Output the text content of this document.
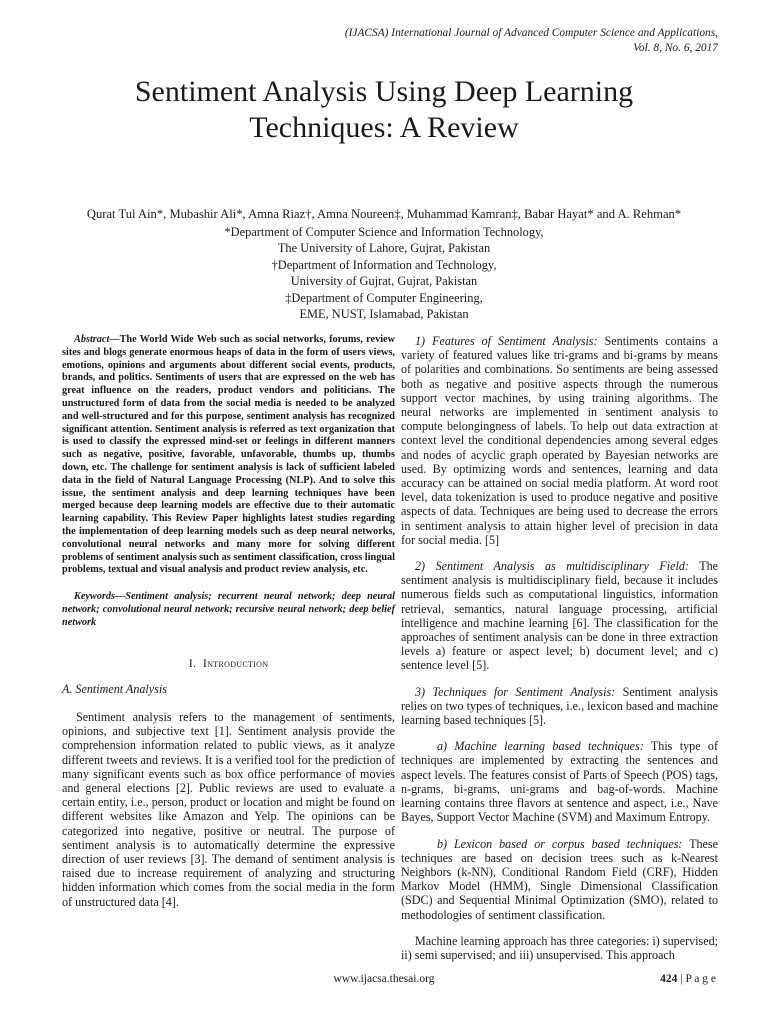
(IJACSA) International Journal of Advanced Computer Science and Applications,
Vol. 8, No. 6, 2017
Sentiment Analysis Using Deep Learning
Techniques: A Review
Qurat Tul Ain*, Mubashir Ali*, Amna Riaz†, Amna Noureen‡, Muhammad Kamran‡, Babar Hayat* and A. Rehman*
*Department of Computer Science and Information Technology,
The University of Lahore, Gujrat, Pakistan
†Department of Information and Technology,
University of Gujrat, Gujrat, Pakistan
‡Department of Computer Engineering,
EME, NUST, Islamabad, Pakistan

Abstract—The World Wide Web such as social networks, forums, review sites and blogs generate enormous heaps of data in the form of users views, emotions, opinions and arguments about different social events, products, brands, and politics. Sentiments of users that are expressed on the web has great influence on the readers, product vendors and politicians. The unstructured form of data from the social media is needed to be analyzed and well-structured and for this purpose, sentiment analysis has recognized significant attention. Sentiment analysis is referred as text organization that is used to classify the expressed mind-set or feelings in different manners such as negative, positive, favorable, unfavorable, thumbs up, thumbs down, etc. The challenge for sentiment analysis is lack of sufficient labeled data in the field of Natural Language Processing (NLP). And to solve this issue, the sentiment analysis and deep learning techniques have been merged because deep learning models are effective due to their automatic learning capability. This Review Paper highlights latest studies regarding the implementation of deep learning models such as deep neural networks, convolutional neural networks and many more for solving different problems of sentiment analysis such as sentiment classification, cross lingual problems, textual and visual analysis and product review analysis, etc.

Keywords—Sentiment analysis; recurrent neural network; deep neural network; convolutional neural network; recursive neural network; deep belief network

I. Introduction
A. Sentiment Analysis

Sentiment analysis refers to the management of sentiments, opinions, and subjective text [1]. Sentiment analysis provide the comprehension information related to public views, as it analyze different tweets and reviews. It is a verified tool for the prediction of many significant events such as box office performance of movies and general elections [2]. Public reviews are used to evaluate a certain entity, i.e., person, product or location and might be found on different websites like Amazon and Yelp. The opinions can be categorized into negative, positive or neutral. The purpose of sentiment analysis is to automatically determine the expressive direction of user reviews [3]. The demand of sentiment analysis is raised due to increase requirement of analyzing and structuring hidden information which comes from the social media in the form of unstructured data [4].

1) Features of Sentiment Analysis: Sentiments contains a variety of featured values like tri-grams and bi-grams by means of polarities and combinations. So sentiments are being assessed both as negative and positive aspects through the numerous support vector machines, by using training algorithms. The neural networks are implemented in sentiment analysis to compute belongingness of labels. To help out data extraction at context level the conditional dependencies among several edges and nodes of acyclic graph operated by Bayesian networks are used. By optimizing words and sentences, learning and data accuracy can be attained on social media platform. At word root level, data tokenization is used to produce negative and positive aspects of data. Techniques are being used to decrease the errors in sentiment analysis to attain higher level of precision in data for social media. [5]

2) Sentiment Analysis as multidisciplinary Field: The sentiment analysis is multidisciplinary field, because it includes numerous fields such as computational linguistics, information retrieval, semantics, natural language processing, artificial intelligence and machine learning [6]. The classification for the approaches of sentiment analysis can be done in three extraction levels a) feature or aspect level; b) document level; and c) sentence level [5].

3) Techniques for Sentiment Analysis: Sentiment analysis relies on two types of techniques, i.e., lexicon based and machine learning based techniques [5].

a) Machine learning based techniques: This type of techniques are implemented by extracting the sentences and aspect levels. The features consist of Parts of Speech (POS) tags, n-grams, bi-grams, uni-grams and bag-of-words. Machine learning contains three flavors at sentence and aspect, i.e., Nave Bayes, Support Vector Machine (SVM) and Maximum Entropy.

b) Lexicon based or corpus based techniques: These techniques are based on decision trees such as k-Nearest Neighbors (k-NN), Conditional Random Field (CRF), Hidden Markov Model (HMM), Single Dimensional Classification (SDC) and Sequential Minimal Optimization (SMO), related to methodologies of sentiment classification.

Machine learning approach has three categories: i) supervised; ii) semi supervised; and iii) unsupervised. This approach

www.ijacsa.thesai.org	424 | P a g e
